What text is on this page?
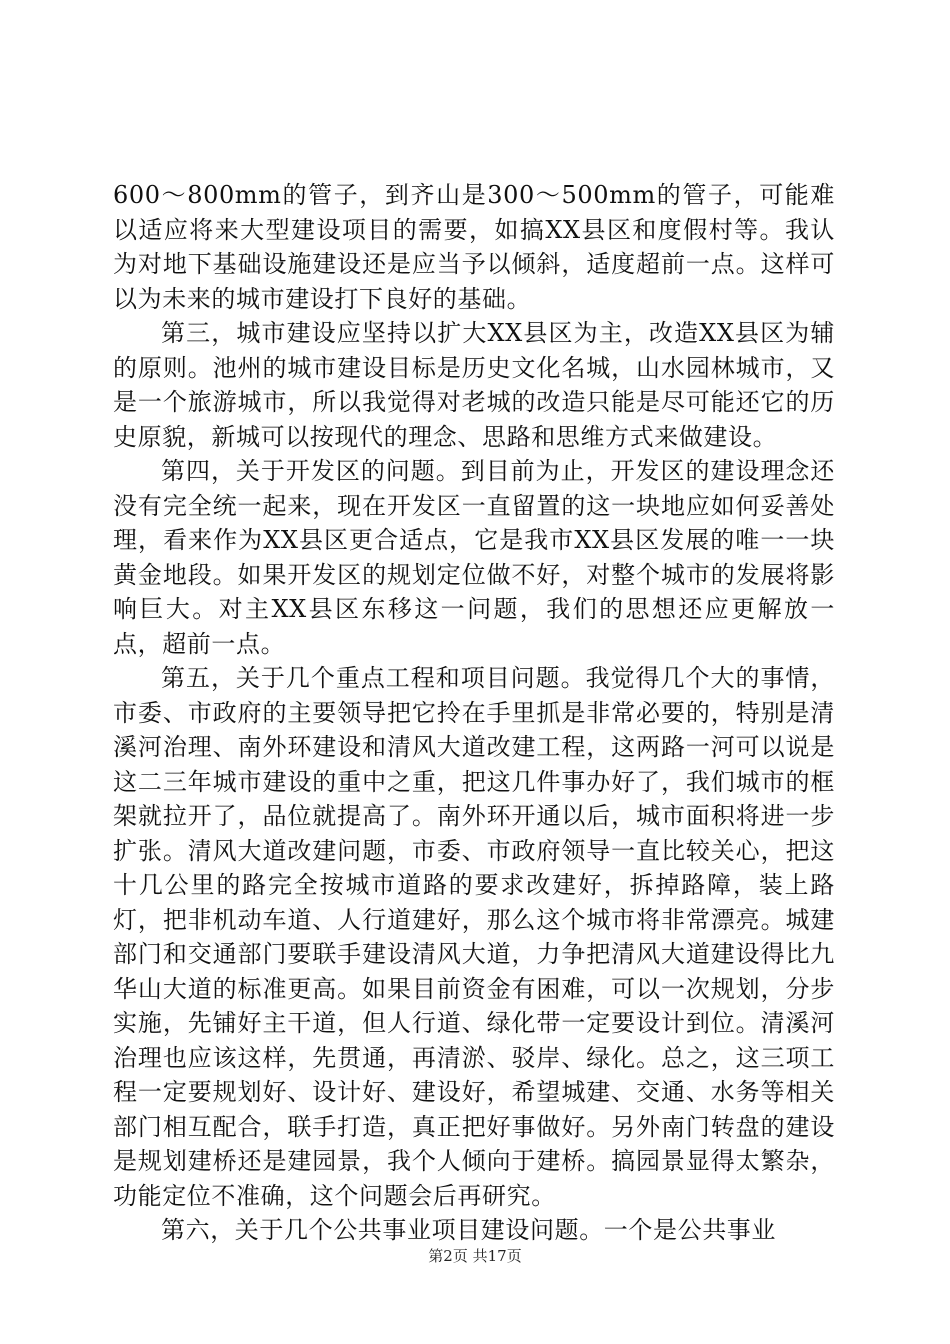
600～800mm的管子，到齐山是300～500mm的管子，可能难以适应将来大型建设项目的需要，如搞XX县区和度假村等。我认为对地下基础设施建设还是应当予以倾斜，适度超前一点。这样可以为未来的城市建设打下良好的基础。

第三，城市建设应坚持以扩大XX县区为主，改造XX县区为辅的原则。池州的城市建设目标是历史文化名城，山水园林城市，又是一个旅游城市，所以我觉得对老城的改造只能是尽可能还它的历史原貌，新城可以按现代的理念、思路和思维方式来做建设。

第四，关于开发区的问题。到目前为止，开发区的建设理念还没有完全统一起来，现在开发区一直留置的这一块地应如何妥善处理，看来作为XX县区更合适点，它是我市XX县区发展的唯一一块黄金地段。如果开发区的规划定位做不好，对整个城市的发展将影响巨大。对主XX县区东移这一问题，我们的思想还应更解放一点，超前一点。

第五，关于几个重点工程和项目问题。我觉得几个大的事情，市委、市政府的主要领导把它拎在手里抓是非常必要的，特别是清溪河治理、南外环建设和清风大道改建工程，这两路一河可以说是这二三年城市建设的重中之重，把这几件事办好了，我们城市的框架就拉开了，品位就提高了。南外环开通以后，城市面积将进一步扩张。清风大道改建问题，市委、市政府领导一直比较关心，把这十几公里的路完全按城市道路的要求改建好，拆掉路障，装上路灯，把非机动车道、人行道建好，那么这个城市将非常漂亮。城建部门和交通部门要联手建设清风大道，力争把清风大道建设得比九华山大道的标准更高。如果目前资金有困难，可以一次规划，分步实施，先铺好主干道，但人行道、绿化带一定要设计到位。清溪河治理也应该这样，先贯通，再清淤、驳岸、绿化。总之，这三项工程一定要规划好、设计好、建设好，希望城建、交通、水务等相关部门相互配合，联手打造，真正把好事做好。另外南门转盘的建设是规划建桥还是建园景，我个人倾向于建桥。搞园景显得太繁杂，功能定位不准确，这个问题会后再研究。

第六，关于几个公共事业项目建设问题。一个是公共事业

第2页 共17页
